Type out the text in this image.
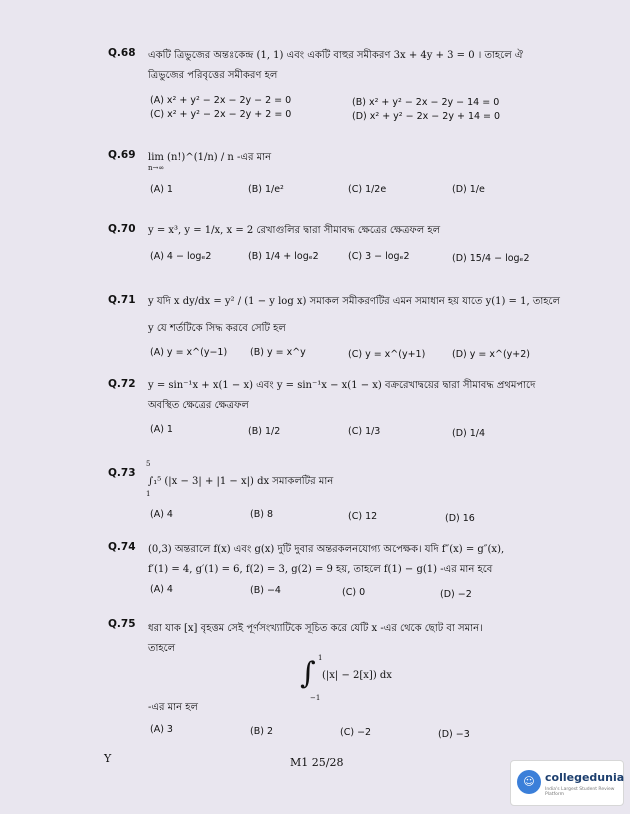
Q.68 একটি ত্রিভুজের অন্তঃকেন্দ্র (1, 1) এবং একটি বাহুর সমীকরণ 3x + 4y + 3 = 0 । তাহলে ঐ
ত্রিভুজের পরিবৃত্তের সমীকরণ হল
(A) x² + y² − 2x − 2y − 2 = 0	(B) x² + y² − 2x − 2y − 14 = 0
(C) x² + y² − 2x − 2y + 2 = 0	(D) x² + y² − 2x − 2y + 14 = 0
Q.69 lim (n!)^(1/n) / n -এর মান
n→∞
(A) 1	(B) 1/e²	(C) 1/2e	(D) 1/e
Q.70 y = x³, y = 1/x, x = 2 রেখাগুলির দ্বারা সীমাবদ্ধ ক্ষেত্রের ক্ষেত্রফল হল
(A) 4 − logₑ2	(B) 1/4 + logₑ2	(C) 3 − logₑ2	(D) 15/4 − logₑ2
Q.71 y যদি x dy/dx = y² / (1 − y log x) সমাকল সমীকরণটির এমন সমাধান হয় যাতে y(1) = 1, তাহলে
y যে শর্তটিকে সিদ্ধ করবে সেটি হল
(A) y = x^(y−1) (B) y = x^y	(C) y = x^(y+1)	(D) y = x^(y+2)
Q.72 y = sin⁻¹x + x(1 − x) এবং y = sin⁻¹x − x(1 − x) বক্ররেখাদ্বয়ের দ্বারা সীমাবদ্ধ প্রথমপাদে
অবস্থিত ক্ষেত্রের ক্ষেত্রফল
(A) 1	(B) 1/2	(C) 1/3	(D) 1/4
Q.73
5
∫₁⁵ (|x − 3| + |1 − x|) dx সমাকলটির মান
1
(A) 4	(B) 8	(C) 12	(D) 16
Q.74 (0,3) অন্তরালে f(x) এবং g(x) দুটি দুবার অন্তরকলনযোগ্য অপেক্ষক। যদি f″(x) = g″(x),
f′(1) = 4, g′(1) = 6, f(2) = 3, g(2) = 9 হয়, তাহলে f(1) − g(1) -এর মান হবে
(A) 4	(B) −4	(C) 0	(D) −2
Q.75 ধরা যাক [x] বৃহত্তম সেই পূর্ণসংখ্যাটিকে সূচিত করে যেটি x -এর থেকে ছোট বা সমান।
তাহলে
1
∫ (|x| − 2[x]) dx
−1
-এর মান হল
(A) 3	(B) 2	(C) −2	(D) −3
Y	M1 25/28
☺ collegedunia
India's Largest Student Review Platform
